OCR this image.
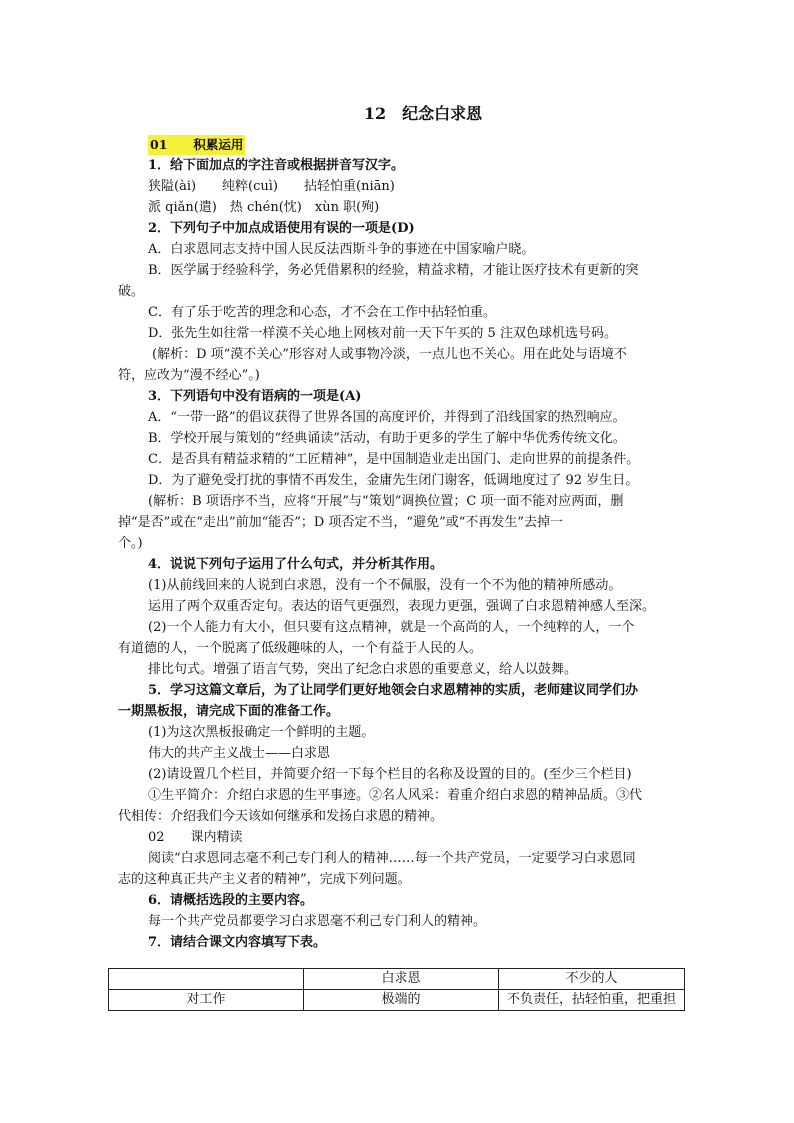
12　纪念白求恩
01 积累运用
1．给下面加点的字注音或根据拼音写汉字。
狭隘(ài)　　纯粹(cuì)　　拈轻怕重(niān)
派 qiǎn(遣)　热 chén(忱)　xùn 职(殉)
2．下列句子中加点成语使用有误的一项是(D)
A．白求恩同志支持中国人民反法西斯斗争的事迹在中国家喻户晓。
B．医学属于经验科学，务必凭借累积的经验，精益求精，才能让医疗技术有更新的突
破。
C．有了乐于吃苦的理念和心态，才不会在工作中拈轻怕重。
D．张先生如往常一样漠不关心地上网核对前一天下午买的 5 注双色球机选号码。
(解析：D 项“漠不关心”形容对人或事物冷淡，一点儿也不关心。用在此处与语境不
符，应改为“漫不经心”。)
3．下列语句中没有语病的一项是(A)
A．“一带一路”的倡议获得了世界各国的高度评价，并得到了沿线国家的热烈响应。
B．学校开展与策划的“经典诵读”活动，有助于更多的学生了解中华优秀传统文化。
C．是否具有精益求精的“工匠精神”，是中国制造业走出国门、走向世界的前提条件。
D．为了避免受打扰的事情不再发生，金庸先生闭门谢客，低调地度过了 92 岁生日。
(解析：B 项语序不当，应将“开展”与“策划”调换位置；C 项一面不能对应两面，删
掉“是否”或在“走出”前加“能否”；D 项否定不当，“避免”或“不再发生”去掉一
个。)
4．说说下列句子运用了什么句式，并分析其作用。
(1)从前线回来的人说到白求恩，没有一个不佩服，没有一个不为他的精神所感动。
运用了两个双重否定句。表达的语气更强烈，表现力更强，强调了白求恩精神感人至深。
(2)一个人能力有大小，但只要有这点精神，就是一个高尚的人，一个纯粹的人，一个
有道德的人，一个脱离了低级趣味的人，一个有益于人民的人。
排比句式。增强了语言气势，突出了纪念白求恩的重要意义，给人以鼓舞。
5．学习这篇文章后，为了让同学们更好地领会白求恩精神的实质，老师建议同学们办
一期黑板报，请完成下面的准备工作。
(1)为这次黑板报确定一个鲜明的主题。
伟大的共产主义战士——白求恩
(2)请设置几个栏目，并简要介绍一下每个栏目的名称及设置的目的。(至少三个栏目)
①生平简介：介绍白求恩的生平事迹。②名人风采：着重介绍白求恩的精神品质。③代
代相传：介绍我们今天该如何继承和发扬白求恩的精神。
02 课内精读
阅读“白求恩同志毫不利己专门利人的精神……每一个共产党员，一定要学习白求恩同
志的这种真正共产主义者的精神”，完成下列问题。
6．请概括选段的主要内容。
每一个共产党员都要学习白求恩毫不利己专门利人的精神。
7．请结合课文内容填写下表。
	白求恩	不少的人
对工作	极端的	不负责任，拈轻怕重，把重担
